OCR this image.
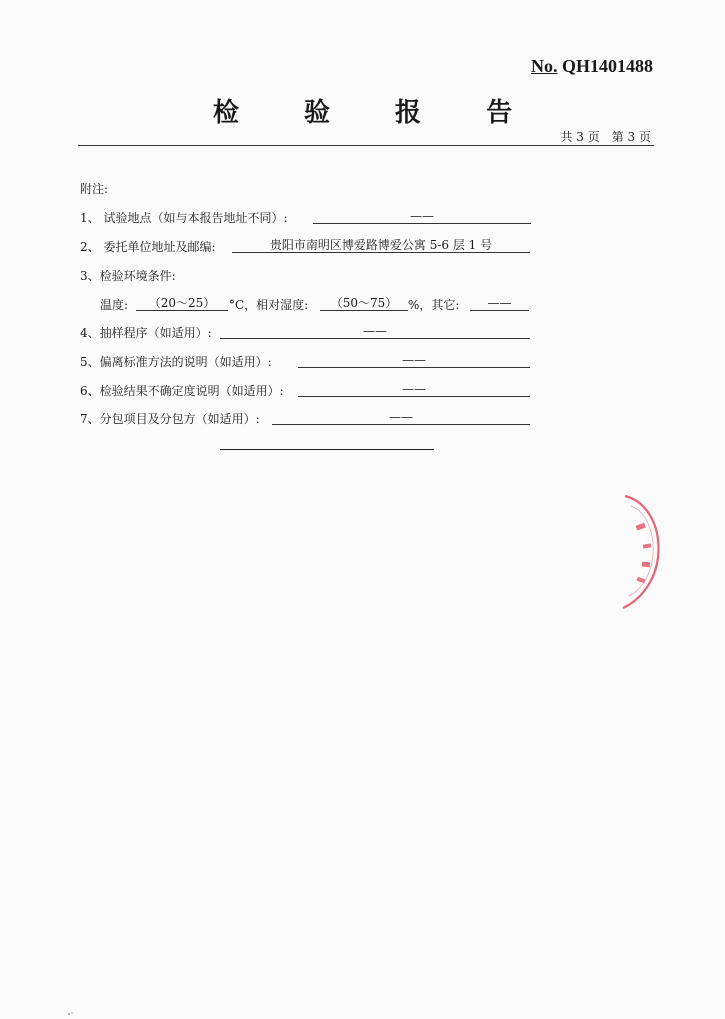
No. QH1401488
检 验 报 告
共 3 页　第 3 页
附注:
1、 试验地点（如与本报告地址不同）:	——
2、 委托单位地址及邮编:	贵阳市南明区博爱路博爱公寓 5-6 层 1 号
3、检验环境条件:
温度:	（20～25）	°C，相对湿度:	（50～75） %，其它:	——
4、抽样程序（如适用）:	——
5、偏离标准方法的说明（如适用）:	——
6、检验结果不确定度说明（如适用）:	——
7、分包项目及分包方（如适用）:	——
